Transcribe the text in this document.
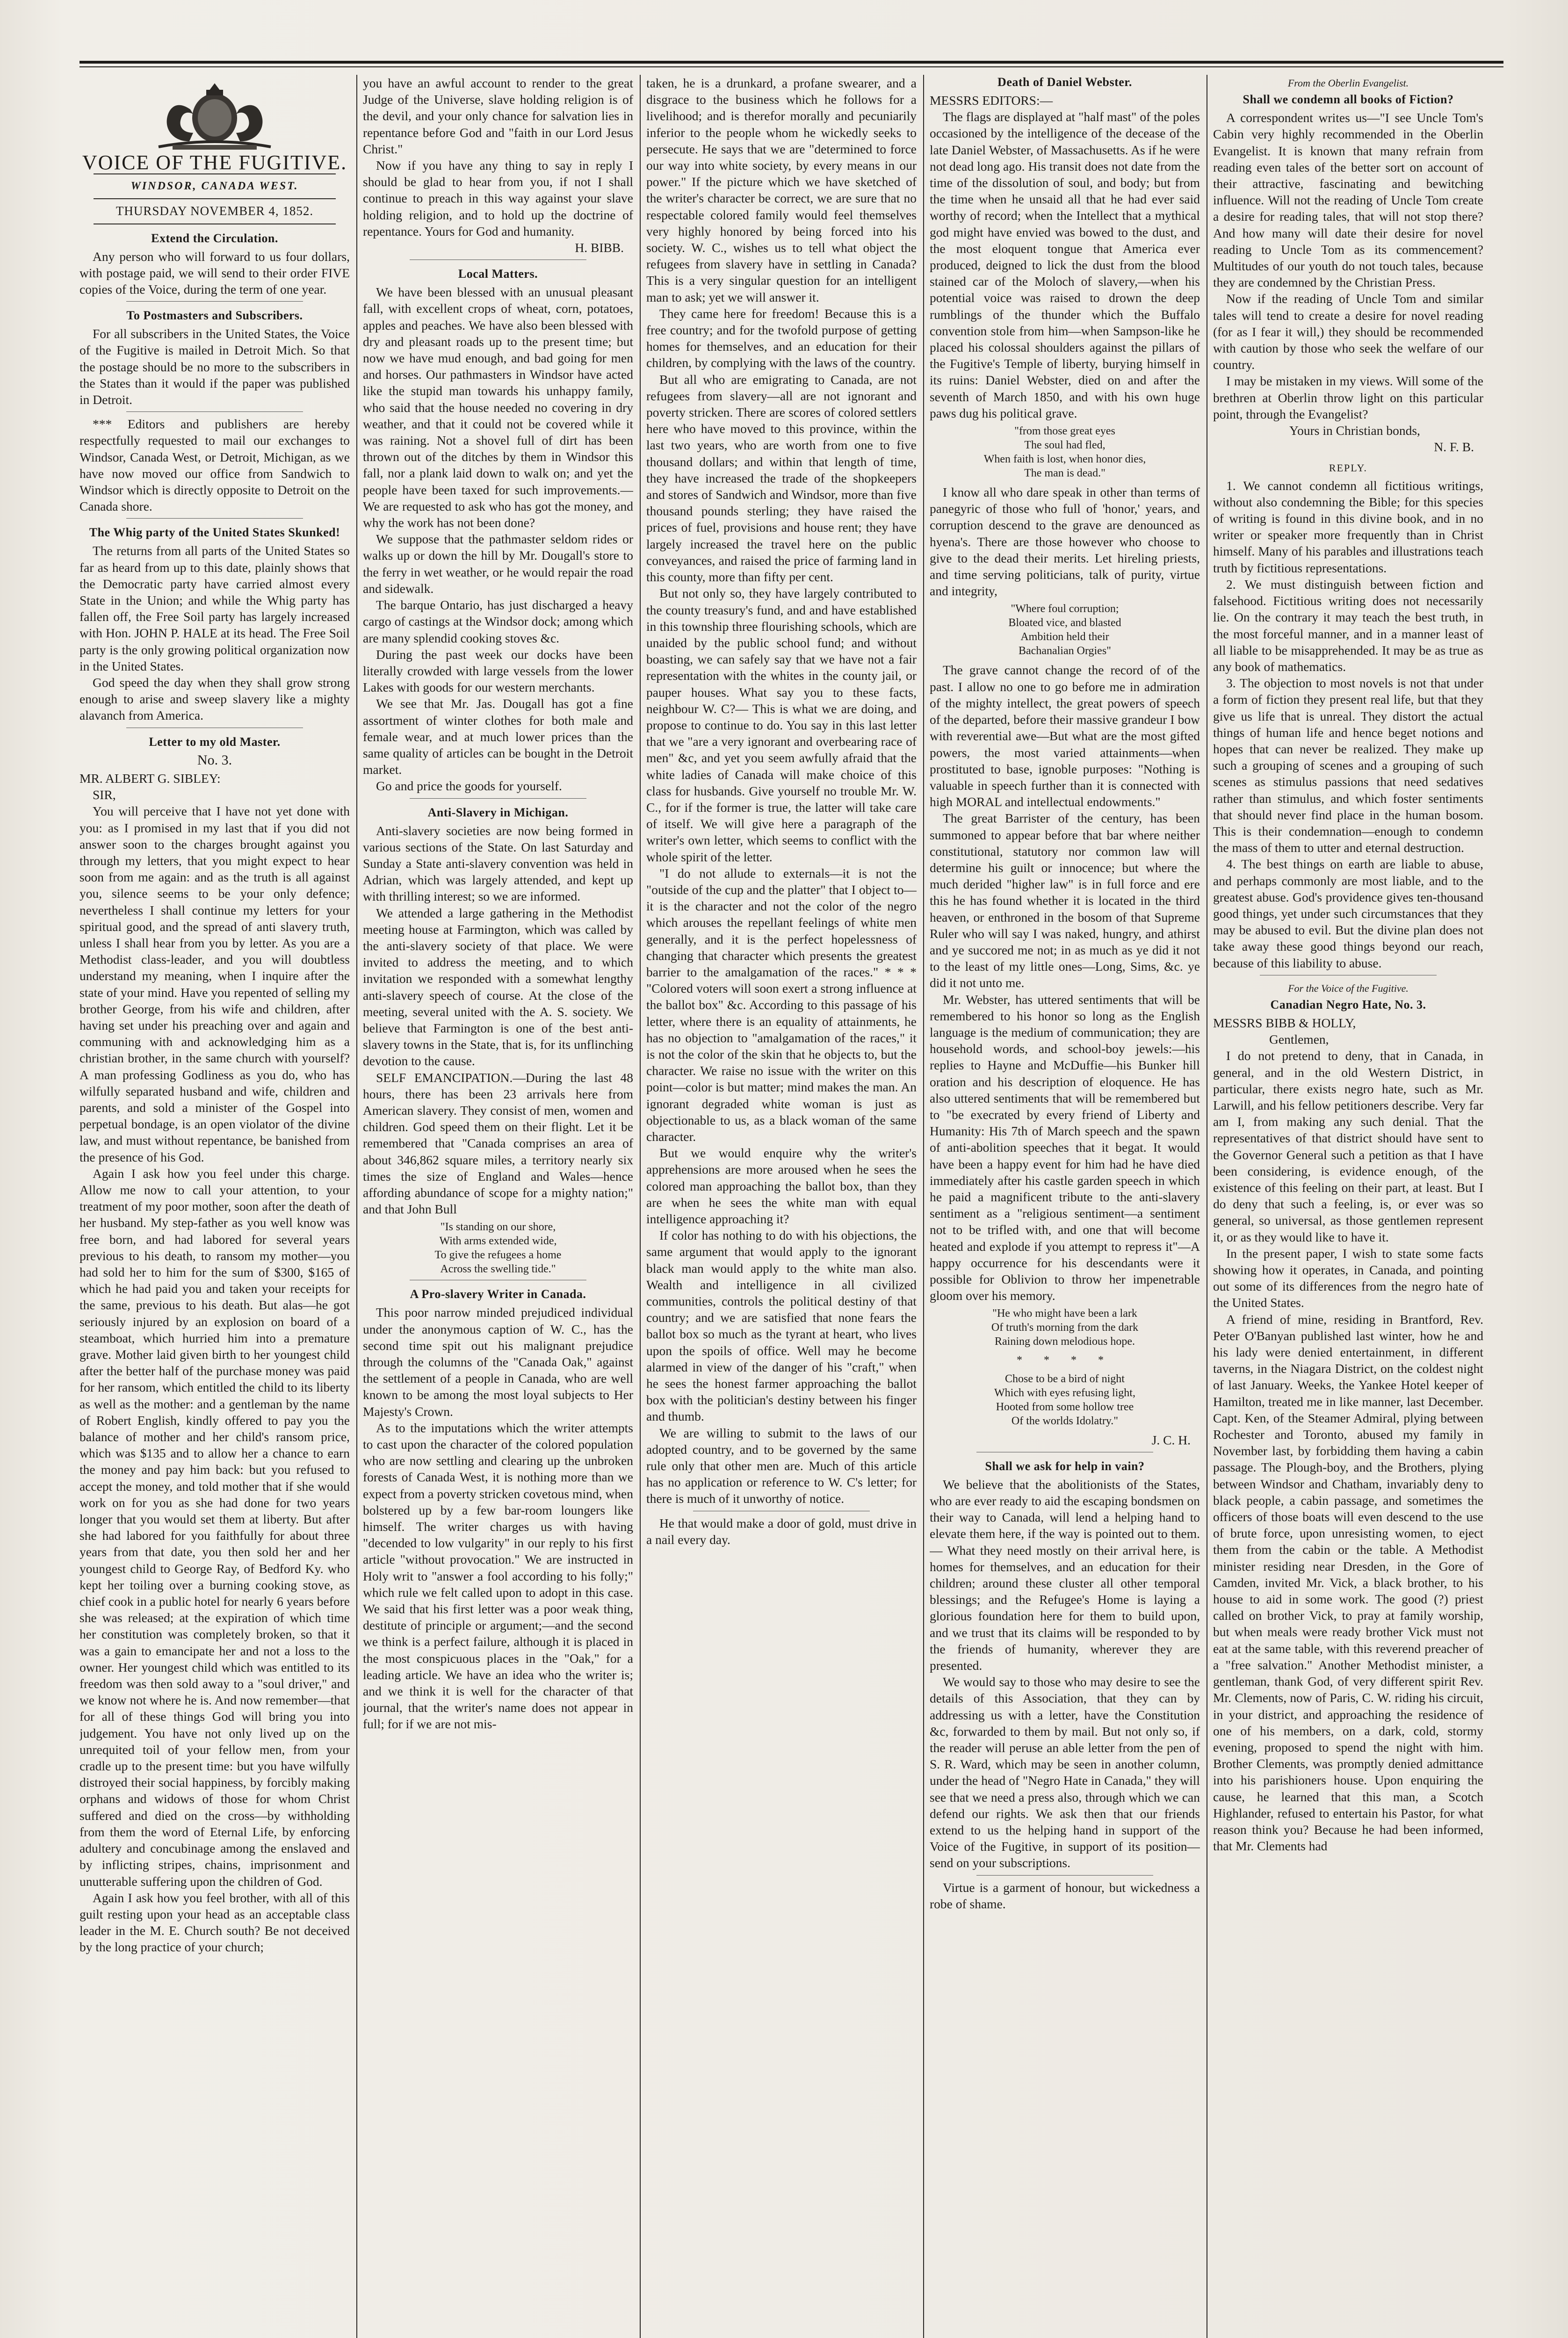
VOICE OF THE FUGITIVE.
WINDSOR, CANADA WEST.
THURSDAY NOVEMBER 4, 1852.
Extend the Circulation.

Any person who will forward to us four dollars, with postage paid, we will send to their order FIVE copies of the Voice, during the term of one year.

To Postmasters and Subscribers.

For all subscribers in the United States, the Voice of the Fugitive is mailed in Detroit Mich. So that the postage should be no more to the subscribers in the States than it would if the paper was published in Detroit.

*** Editors and publishers are hereby respectfully requested to mail our exchanges to Windsor, Canada West, or Detroit, Michigan, as we have now moved our office from Sandwich to Windsor which is directly opposite to Detroit on the Canada shore.

The Whig party of the United States Skunked!

The returns from all parts of the United States so far as heard from up to this date, plainly shows that the Democratic party have carried almost every State in the Union; and while the Whig party has fallen off, the Free Soil party has largely increased with Hon. JOHN P. HALE at its head. The Free Soil party is the only growing political organization now in the United States.

God speed the day when they shall grow strong enough to arise and sweep slavery like a mighty alavanch from America.

Letter to my old Master.
No. 3.

MR. ALBERT G. SIBLEY:

SIR,

You will perceive that I have not yet done with you: as I promised in my last that if you did not answer soon to the charges brought against you through my letters, that you might expect to hear soon from me again: and as the truth is all against you, silence seems to be your only defence; nevertheless I shall continue my letters for your spiritual good, and the spread of anti slavery truth, unless I shall hear from you by letter. As you are a Methodist class-leader, and you will doubtless understand my meaning, when I inquire after the state of your mind. Have you repented of selling my brother George, from his wife and children, after having set under his preaching over and again and communing with and acknowledging him as a christian brother, in the same church with yourself? A man professing Godliness as you do, who has wilfully separated husband and wife, children and parents, and sold a minister of the Gospel into perpetual bondage, is an open violator of the divine law, and must without repentance, be banished from the presence of his God.

Again I ask how you feel under this charge. Allow me now to call your attention, to your treatment of my poor mother, soon after the death of her husband. My step-father as you well know was free born, and had labored for several years previous to his death, to ransom my mother—you had sold her to him for the sum of $300, $165 of which he had paid you and taken your receipts for the same, previous to his death. But alas—he got seriously injured by an explosion on board of a steamboat, which hurried him into a premature grave. Mother laid given birth to her youngest child after the better half of the purchase money was paid for her ransom, which entitled the child to its liberty as well as the mother: and a gentleman by the name of Robert English, kindly offered to pay you the balance of mother and her child's ransom price, which was $135 and to allow her a chance to earn the money and pay him back: but you refused to accept the money, and told mother that if she would work on for you as she had done for two years longer that you would set them at liberty. But after she had labored for you faithfully for about three years from that date, you then sold her and her youngest child to George Ray, of Bedford Ky. who kept her toiling over a burning cooking stove, as chief cook in a public hotel for nearly 6 years before she was released; at the expiration of which time her constitution was completely broken, so that it was a gain to emancipate her and not a loss to the owner. Her youngest child which was entitled to its freedom was then sold away to a "soul driver," and we know not where he is. And now remember—that for all of these things God will bring you into judgement. You have not only lived up on the unrequited toil of your fellow men, from your cradle up to the present time: but you have wilfully distroyed their social happiness, by forcibly making orphans and widows of those for whom Christ suffered and died on the cross—by withholding from them the word of Eternal Life, by enforcing adultery and concubinage among the enslaved and by inflicting stripes, chains, imprisonment and unutterable suffering upon the children of God.

Again I ask how you feel brother, with all of this guilt resting upon your head as an acceptable class leader in the M. E. Church south? Be not deceived by the long practice of your church;

you have an awful account to render to the great Judge of the Universe, slave holding religion is of the devil, and your only chance for salvation lies in repentance before God and "faith in our Lord Jesus Christ."

Now if you have any thing to say in reply I should be glad to hear from you, if not I shall continue to preach in this way against your slave holding religion, and to hold up the doctrine of repentance. Yours for God and humanity.

H. BIBB.

Local Matters.

We have been blessed with an unusual pleasant fall, with excellent crops of wheat, corn, potatoes, apples and peaches. We have also been blessed with dry and pleasant roads up to the present time; but now we have mud enough, and bad going for men and horses. Our pathmasters in Windsor have acted like the stupid man towards his unhappy family, who said that the house needed no covering in dry weather, and that it could not be covered while it was raining. Not a shovel full of dirt has been thrown out of the ditches by them in Windsor this fall, nor a plank laid down to walk on; and yet the people have been taxed for such improvements.— We are requested to ask who has got the money, and why the work has not been done?

We suppose that the pathmaster seldom rides or walks up or down the hill by Mr. Dougall's store to the ferry in wet weather, or he would repair the road and sidewalk.

The barque Ontario, has just discharged a heavy cargo of castings at the Windsor dock; among which are many splendid cooking stoves &c.

During the past week our docks have been literally crowded with large vessels from the lower Lakes with goods for our western merchants.

We see that Mr. Jas. Dougall has got a fine assortment of winter clothes for both male and female wear, and at much lower prices than the same quality of articles can be bought in the Detroit market.

Go and price the goods for yourself.

Anti-Slavery in Michigan.

Anti-slavery societies are now being formed in various sections of the State. On last Saturday and Sunday a State anti-slavery convention was held in Adrian, which was largely attended, and kept up with thrilling interest; so we are informed.

We attended a large gathering in the Methodist meeting house at Farmington, which was called by the anti-slavery society of that place. We were invited to address the meeting, and to which invitation we responded with a somewhat lengthy anti-slavery speech of course. At the close of the meeting, several united with the A. S. society. We believe that Farmington is one of the best anti-slavery towns in the State, that is, for its unflinching devotion to the cause.

SELF EMANCIPATION.—During the last 48 hours, there has been 23 arrivals here from American slavery. They consist of men, women and children. God speed them on their flight. Let it be remembered that "Canada comprises an area of about 346,862 square miles, a territory nearly six times the size of England and Wales—hence affording abundance of scope for a mighty nation;" and that John Bull

"Is standing on our shore,
With arms extended wide,
To give the refugees a home
Across the swelling tide."
A Pro-slavery Writer in Canada.

This poor narrow minded prejudiced individual under the anonymous caption of W. C., has the second time spit out his malignant prejudice through the columns of the "Canada Oak," against the settlement of a people in Canada, who are well known to be among the most loyal subjects to Her Majesty's Crown.

As to the imputations which the writer attempts to cast upon the character of the colored population who are now settling and clearing up the unbroken forests of Canada West, it is nothing more than we expect from a poverty stricken covetous mind, when bolstered up by a few bar-room loungers like himself. The writer charges us with having "decended to low vulgarity" in our reply to his first article "without provocation." We are instructed in Holy writ to "answer a fool according to his folly;" which rule we felt called upon to adopt in this case. We said that his first letter was a poor weak thing, destitute of principle or argument;—and the second we think is a perfect failure, although it is placed in the most conspicuous places in the "Oak," for a leading article. We have an idea who the writer is; and we think it is well for the character of that journal, that the writer's name does not appear in full; for if we are not mis-

taken, he is a drunkard, a profane swearer, and a disgrace to the business which he follows for a livelihood; and is therefor morally and pecuniarily inferior to the people whom he wickedly seeks to persecute. He says that we are "determined to force our way into white society, by every means in our power." If the picture which we have sketched of the writer's character be correct, we are sure that no respectable colored family would feel themselves very highly honored by being forced into his society. W. C., wishes us to tell what object the refugees from slavery have in settling in Canada? This is a very singular question for an intelligent man to ask; yet we will answer it.

They came here for freedom! Because this is a free country; and for the twofold purpose of getting homes for themselves, and an education for their children, by complying with the laws of the country.

But all who are emigrating to Canada, are not refugees from slavery—all are not ignorant and poverty stricken. There are scores of colored settlers here who have moved to this province, within the last two years, who are worth from one to five thousand dollars; and within that length of time, they have increased the trade of the shopkeepers and stores of Sandwich and Windsor, more than five thousand pounds sterling; they have raised the prices of fuel, provisions and house rent; they have largely increased the travel here on the public conveyances, and raised the price of farming land in this county, more than fifty per cent.

But not only so, they have largely contributed to the county treasury's fund, and and have established in this township three flourishing schools, which are unaided by the public school fund; and without boasting, we can safely say that we have not a fair representation with the whites in the county jail, or pauper houses. What say you to these facts, neighbour W. C?— This is what we are doing, and propose to continue to do. You say in this last letter that we "are a very ignorant and overbearing race of men" &c, and yet you seem awfully afraid that the white ladies of Canada will make choice of this class for husbands. Give yourself no trouble Mr. W. C., for if the former is true, the latter will take care of itself. We will give here a paragraph of the writer's own letter, which seems to conflict with the whole spirit of the letter.

"I do not allude to externals—it is not the "outside of the cup and the platter" that I object to—it is the character and not the color of the negro which arouses the repellant feelings of white men generally, and it is the perfect hopelessness of changing that character which presents the greatest barrier to the amalgamation of the races." * * * "Colored voters will soon exert a strong influence at the ballot box" &c. According to this passage of his letter, where there is an equality of attainments, he has no objection to "amalgamation of the races," it is not the color of the skin that he objects to, but the character. We raise no issue with the writer on this point—color is but matter; mind makes the man. An ignorant degraded white woman is just as objectionable to us, as a black woman of the same character.

But we would enquire why the writer's apprehensions are more aroused when he sees the colored man approaching the ballot box, than they are when he sees the white man with equal intelligence approaching it?

If color has nothing to do with his objections, the same argument that would apply to the ignorant black man would apply to the white man also. Wealth and intelligence in all civilized communities, controls the political destiny of that country; and we are satisfied that none fears the ballot box so much as the tyrant at heart, who lives upon the spoils of office. Well may he become alarmed in view of the danger of his "craft," when he sees the honest farmer approaching the ballot box with the politician's destiny between his finger and thumb.

We are willing to submit to the laws of our adopted country, and to be governed by the same rule only that other men are. Much of this article has no application or reference to W. C's letter; for there is much of it unworthy of notice.

He that would make a door of gold, must drive in a nail every day.

Death of Daniel Webster.

MESSRS EDITORS:—

The flags are displayed at "half mast" of the poles occasioned by the intelligence of the decease of the late Daniel Webster, of Massachusetts. As if he were not dead long ago. His transit does not date from the time of the dissolution of soul, and body; but from the time when he unsaid all that he had ever said worthy of record; when the Intellect that a mythical god might have envied was bowed to the dust, and the most eloquent tongue that America ever produced, deigned to lick the dust from the blood stained car of the Moloch of slavery,—when his potential voice was raised to drown the deep rumblings of the thunder which the Buffalo convention stole from him—when Sampson-like he placed his colossal shoulders against the pillars of the Fugitive's Temple of liberty, burying himself in its ruins: Daniel Webster, died on and after the seventh of March 1850, and with his own huge paws dug his political grave.

"from those great eyes
The soul had fled,
When faith is lost, when honor dies,
The man is dead."

I know all who dare speak in other than terms of panegyric of those who full of 'honor,' years, and corruption descend to the grave are denounced as hyena's. There are those however who choose to give to the dead their merits. Let hireling priests, and time serving politicians, talk of purity, virtue and integrity,

"Where foul corruption;
Bloated vice, and blasted
Ambition held their
Bachanalian Orgies"

The grave cannot change the record of of the past. I allow no one to go before me in admiration of the mighty intellect, the great powers of speech of the departed, before their massive grandeur I bow with reverential awe—But what are the most gifted powers, the most varied attainments—when prostituted to base, ignoble purposes: "Nothing is valuable in speech further than it is connected with high MORAL and intellectual endowments."

The great Barrister of the century, has been summoned to appear before that bar where neither constitutional, statutory nor common law will determine his guilt or innocence; but where the much derided "higher law" is in full force and ere this he has found whether it is located in the third heaven, or enthroned in the bosom of that Supreme Ruler who will say I was naked, hungry, and athirst and ye succored me not; in as much as ye did it not to the least of my little ones—Long, Sims, &c. ye did it not unto me.

Mr. Webster, has uttered sentiments that will be remembered to his honor so long as the English language is the medium of communication; they are household words, and school-boy jewels:—his replies to Hayne and McDuffie—his Bunker hill oration and his description of eloquence. He has also uttered sentiments that will be remembered but to "be execrated by every friend of Liberty and Humanity: His 7th of March speech and the spawn of anti-abolition speeches that it begat. It would have been a happy event for him had he have died immediately after his castle garden speech in which he paid a magnificent tribute to the anti-slavery sentiment as a "religious sentiment—a sentiment not to be trifled with, and one that will become heated and explode if you attempt to repress it"—A happy occurrence for his descendants were it possible for Oblivion to throw her impenetrable gloom over his memory.

"He who might have been a lark
Of truth's morning from the dark
Raining down melodious hope.
* * * *
Chose to be a bird of night
Which with eyes refusing light,
Hooted from some hollow tree
Of the worlds Idolatry."

J. C. H.

Shall we ask for help in vain?

We believe that the abolitionists of the States, who are ever ready to aid the escaping bondsmen on their way to Canada, will lend a helping hand to elevate them here, if the way is pointed out to them.— What they need mostly on their arrival here, is homes for themselves, and an education for their children; around these cluster all other temporal blessings; and the Refugee's Home is laying a glorious foundation here for them to build upon, and we trust that its claims will be responded to by the friends of humanity, wherever they are presented.

We would say to those who may desire to see the details of this Association, that they can by addressing us with a letter, have the Constitution &c, forwarded to them by mail. But not only so, if the reader will peruse an able letter from the pen of S. R. Ward, which may be seen in another column, under the head of "Negro Hate in Canada," they will see that we need a press also, through which we can defend our rights. We ask then that our friends extend to us the helping hand in support of the Voice of the Fugitive, in support of its position—send on your subscriptions.

Virtue is a garment of honour, but wickedness a robe of shame.

From the Oberlin Evangelist.
Shall we condemn all books of Fiction?

A correspondent writes us—"I see Uncle Tom's Cabin very highly recommended in the Oberlin Evangelist. It is known that many refrain from reading even tales of the better sort on account of their attractive, fascinating and bewitching influence. Will not the reading of Uncle Tom create a desire for reading tales, that will not stop there? And how many will date their desire for novel reading to Uncle Tom as its commencement? Multitudes of our youth do not touch tales, because they are condemned by the Christian Press.

Now if the reading of Uncle Tom and similar tales will tend to create a desire for novel reading (for as I fear it will,) they should be recommended with caution by those who seek the welfare of our country.

I may be mistaken in my views. Will some of the brethren at Oberlin throw light on this particular point, through the Evangelist?

Yours in Christian bonds,

N. F. B.

REPLY.

1. We cannot condemn all fictitious writings, without also condemning the Bible; for this species of writing is found in this divine book, and in no writer or speaker more frequently than in Christ himself. Many of his parables and illustrations teach truth by fictitious representations.

2. We must distinguish between fiction and falsehood. Fictitious writing does not necessarily lie. On the contrary it may teach the best truth, in the most forceful manner, and in a manner least of all liable to be misapprehended. It may be as true as any book of mathematics.

3. The objection to most novels is not that under a form of fiction they present real life, but that they give us life that is unreal. They distort the actual things of human life and hence beget notions and hopes that can never be realized. They make up such a grouping of scenes and a grouping of such scenes as stimulus passions that need sedatives rather than stimulus, and which foster sentiments that should never find place in the human bosom. This is their condemnation—enough to condemn the mass of them to utter and eternal destruction.

4. The best things on earth are liable to abuse, and perhaps commonly are most liable, and to the greatest abuse. God's providence gives ten-thousand good things, yet under such circumstances that they may be abused to evil. But the divine plan does not take away these good things beyond our reach, because of this liability to abuse.

For the Voice of the Fugitive.
Canadian Negro Hate, No. 3.

MESSRS BIBB & HOLLY,

Gentlemen,

I do not pretend to deny, that in Canada, in general, and in the old Western District, in particular, there exists negro hate, such as Mr. Larwill, and his fellow petitioners describe. Very far am I, from making any such denial. That the representatives of that district should have sent to the Governor General such a petition as that I have been considering, is evidence enough, of the existence of this feeling on their part, at least. But I do deny that such a feeling, is, or ever was so general, so universal, as those gentlemen represent it, or as they would like to have it.

In the present paper, I wish to state some facts showing how it operates, in Canada, and pointing out some of its differences from the negro hate of the United States.

A friend of mine, residing in Brantford, Rev. Peter O'Banyan published last winter, how he and his lady were denied entertainment, in different taverns, in the Niagara District, on the coldest night of last January. Weeks, the Yankee Hotel keeper of Hamilton, treated me in like manner, last December. Capt. Ken, of the Steamer Admiral, plying between Rochester and Toronto, abused my family in November last, by forbidding them having a cabin passage. The Plough-boy, and the Brothers, plying between Windsor and Chatham, invariably deny to black people, a cabin passage, and sometimes the officers of those boats will even descend to the use of brute force, upon unresisting women, to eject them from the cabin or the table. A Methodist minister residing near Dresden, in the Gore of Camden, invited Mr. Vick, a black brother, to his house to aid in some work. The good (?) priest called on brother Vick, to pray at family worship, but when meals were ready brother Vick must not eat at the same table, with this reverend preacher of a "free salvation." Another Methodist minister, a gentleman, thank God, of very different spirit Rev. Mr. Clements, now of Paris, C. W. riding his circuit, in your district, and approaching the residence of one of his members, on a dark, cold, stormy evening, proposed to spend the night with him. Brother Clements, was promptly denied admittance into his parishioners house. Upon enquiring the cause, he learned that this man, a Scotch Highlander, refused to entertain his Pastor, for what reason think you? Because he had been informed, that Mr. Clements had
